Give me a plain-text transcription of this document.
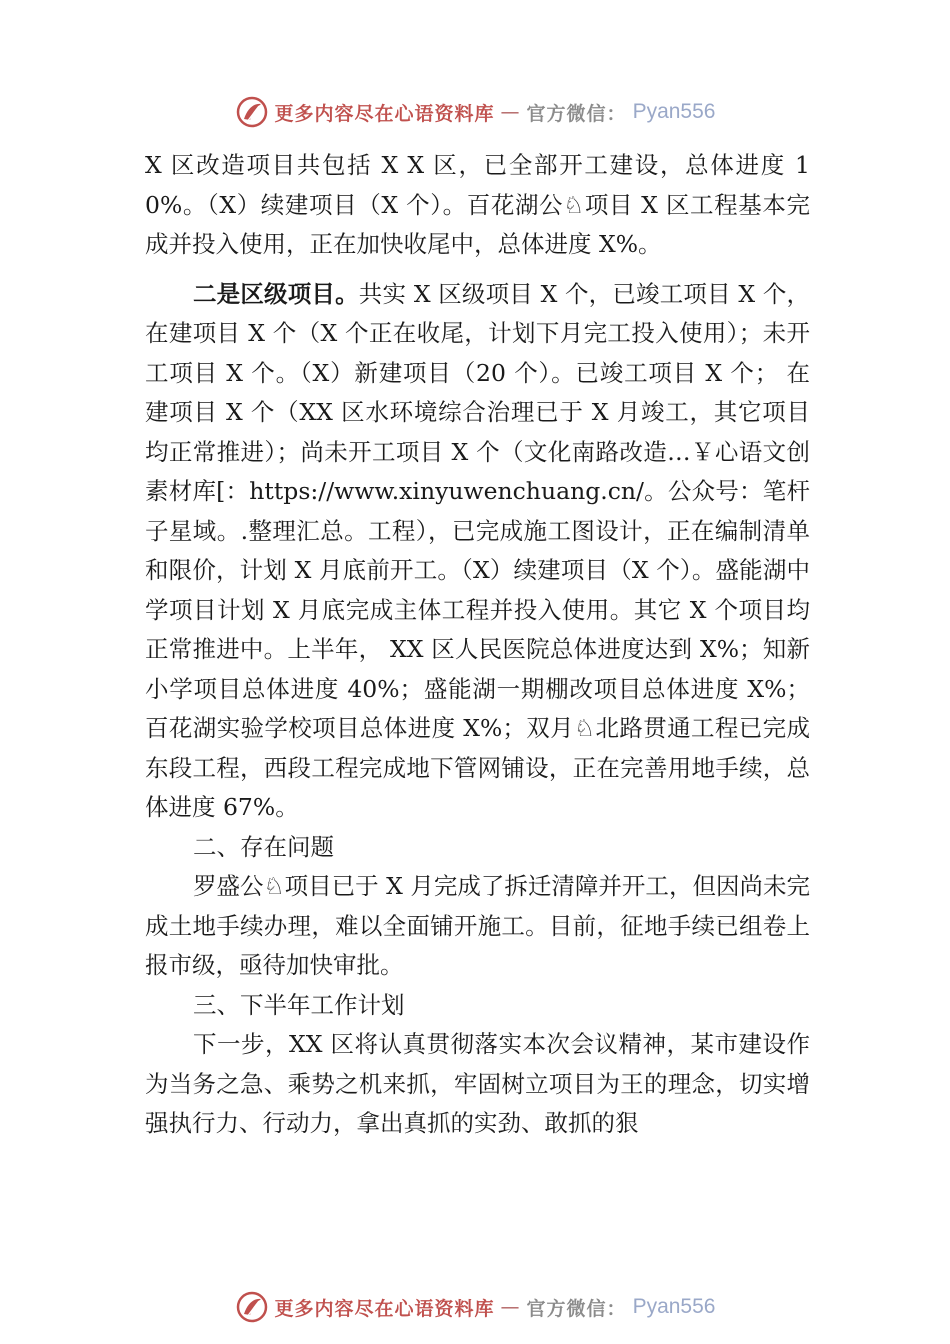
更多内容尽在心语资料库 — 官方微信： Pyan556

X 区改造项目共包括 X X 区，已全部开工建设，总体进度 10%。（X）续建项目（X 个）。百花湖公♘项目 X 区工程基本完成并投入使用，正在加快收尾中，总体进度 X%。

二是区级项目。共实 X 区级项目 X 个，已竣工项目 X 个，在建项目 X 个（X 个正在收尾，计划下月完工投入使用）；未开工项目 X 个。（X）新建项目（20 个）。已竣工项目 X 个； 在建项目 X 个（XX 区水环境综合治理已于 X 月竣工，其它项目均正常推进）；尚未开工项目 X 个（文化南路改造…￥心语文创素材库[：https://www.xinyuwenchuang.cn/。公众号：笔杆子星域。.整理汇总。工程），已完成施工图设计，正在编制清单和限价，计划 X 月底前开工。（X）续建项目（X 个）。盛能湖中学项目计划 X 月底完成主体工程并投入使用。其它 X 个项目均正常推进中。上半年， XX 区人民医院总体进度达到 X%；知新小学项目总体进度 40%；盛能湖一期棚改项目总体进度 X%；百花湖实验学校项目总体进度 X%；双月♘北路贯通工程已完成东段工程，西段工程完成地下管网铺设，正在完善用地手续，总体进度 67%。

二、存在问题

罗盛公♘项目已于 X 月完成了拆迁清障并开工，但因尚未完成土地手续办理，难以全面铺开施工。目前，征地手续已组卷上报市级，亟待加快审批。

三、下半年工作计划

下一步，XX 区将认真贯彻落实本次会议精神，某市建设作为当务之急、乘势之机来抓，牢固树立项目为王的理念，切实增强执行力、行动力，拿出真抓的实劲、敢抓的狠

更多内容尽在心语资料库 — 官方微信： Pyan556
